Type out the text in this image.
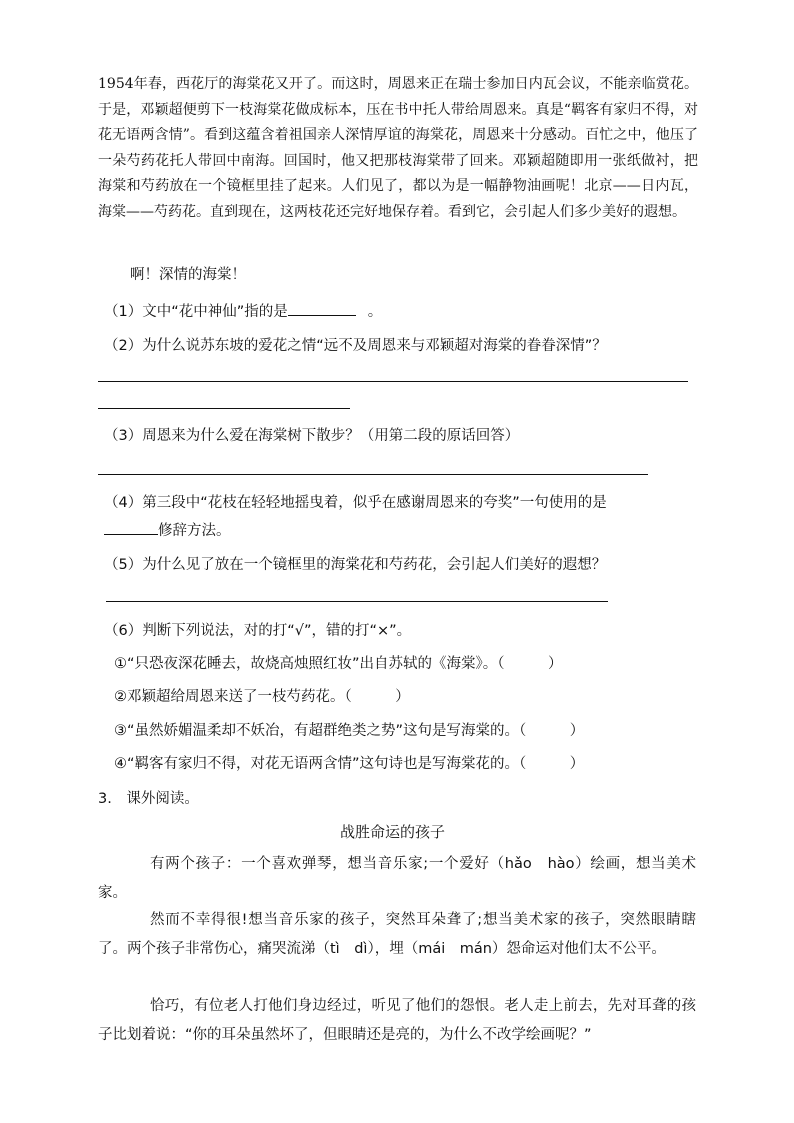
1954年春，西花厅的海棠花又开了。而这时，周恩来正在瑞士参加日内瓦会议，不能亲临赏花。于是，邓颖超便剪下一枝海棠花做成标本，压在书中托人带给周恩来。真是“羁客有家归不得，对花无语两含情”。看到这蕴含着祖国亲人深情厚谊的海棠花，周恩来十分感动。百忙之中，他压了一朵芍药花托人带回中南海。回国时，他又把那枝海棠带了回来。邓颖超随即用一张纸做衬，把海棠和芍药放在一个镜框里挂了起来。人们见了，都以为是一幅静物油画呢！北京——日内瓦，海棠——芍药花。直到现在，这两枝花还完好地保存着。看到它，会引起人们多少美好的遐想。
啊！深情的海棠！
（1）文中“花中神仙”指的是	。
（2）为什么说苏东坡的爱花之情“远不及周恩来与邓颖超对海棠的眷眷深情”？
（3）周恩来为什么爱在海棠树下散步？（用第二段的原话回答）
（4）第三段中“花枝在轻轻地摇曳着，似乎在感谢周恩来的夸奖”一句使用的是
修辞方法。
（5）为什么见了放在一个镜框里的海棠花和芍药花，会引起人们美好的遐想？
（6）判断下列说法，对的打“√”，错的打“×”。
①“只恐夜深花睡去，故烧高烛照红妆”出自苏轼的《海棠》。（　　　）
②邓颖超给周恩来送了一枝芍药花。（　　　）
③“虽然娇媚温柔却不妖冶，有超群绝类之势”这句是写海棠的。（　　　）
④“羁客有家归不得，对花无语两含情”这句诗也是写海棠花的。（　　　）
3.　课外阅读。
战胜命运的孩子
有两个孩子：一个喜欢弹琴，想当音乐家;一个爱好（hǎo　hào）绘画，想当美术家。
然而不幸得很!想当音乐家的孩子，突然耳朵聋了;想当美术家的孩子，突然眼睛瞎了。两个孩子非常伤心，痛哭流涕（tì　dì），埋（mái　mán）怨命运对他们太不公平。
恰巧，有位老人打他们身边经过，听见了他们的怨恨。老人走上前去，先对耳聋的孩子比划着说：“你的耳朵虽然坏了，但眼睛还是亮的，为什么不改学绘画呢？”
